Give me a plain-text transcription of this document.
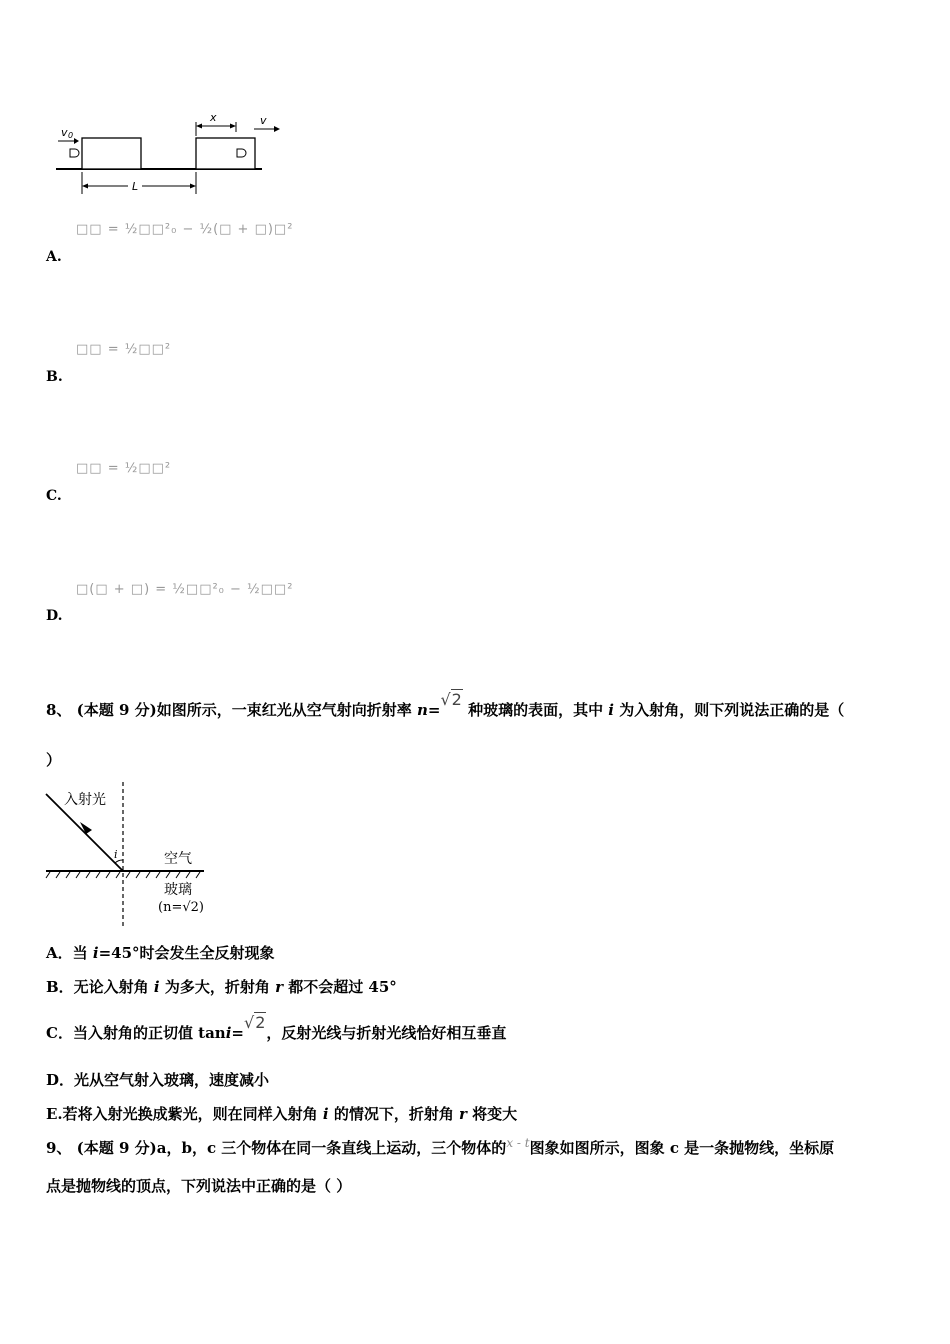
v 0
x	v
L
□□ = ½□□²₀ − ½(□ + □)□²
A.
□□ = ½□□²
B.
□□ = ½□□²
C.
□(□ + □) = ½□□²₀ − ½□□²
D.
8、 (本题 9 分)如图所示，一束红光从空气射向折射率 n=√2 种玻璃的表面，其中 i 为入射角，则下列说法正确的是（
）
i
入射光
空气
玻璃
(n=√2)
A．当 i=45°时会发生全反射现象
B．无论入射角 i 为多大，折射角 r 都不会超过 45°
C．当入射角的正切值 tani=√2，反射光线与折射光线恰好相互垂直
D．光从空气射入玻璃，速度减小
E.若将入射光换成紫光，则在同样入射角 i 的情况下，折射角 r 将变大
9、 (本题 9 分)a，b，c 三个物体在同一条直线上运动，三个物体的$^{x - t}$图象如图所示，图象 c 是一条抛物线，坐标原
点是抛物线的顶点，下列说法中正确的是（ ）
